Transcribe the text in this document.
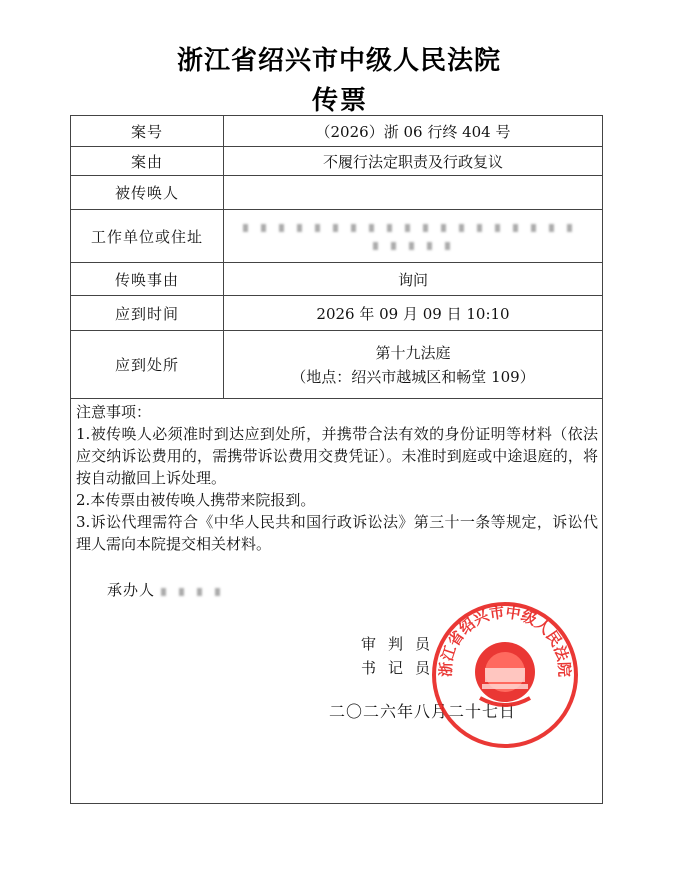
浙江省绍兴市中级人民法院
传票
案号	（2026）浙 06 行终 404 号
案由	不履行法定职责及行政复议
被传唤人	
工作单位或住址	

传唤事由	询问
应到时间	2026 年 09 月 09 日 10:10
应到处所	第十九法庭
（地点：绍兴市越城区和畅堂 109）
注意事项：
1.被传唤人必须准时到达应到处所，并携带合法有效的身份证明等材料（依法应交纳诉讼费用的，需携带诉讼费用交费凭证）。未准时到庭或中途退庭的，将按自动撤回上诉处理。
2.本传票由被传唤人携带来院报到。
3.诉讼代理需符合《中华人民共和国行政诉讼法》第三十一条等规定，诉讼代理人需向本院提交相关材料。
承办人
审判员
书记员
二〇二六年八月二十七日
浙江省绍兴市中级人民法院
